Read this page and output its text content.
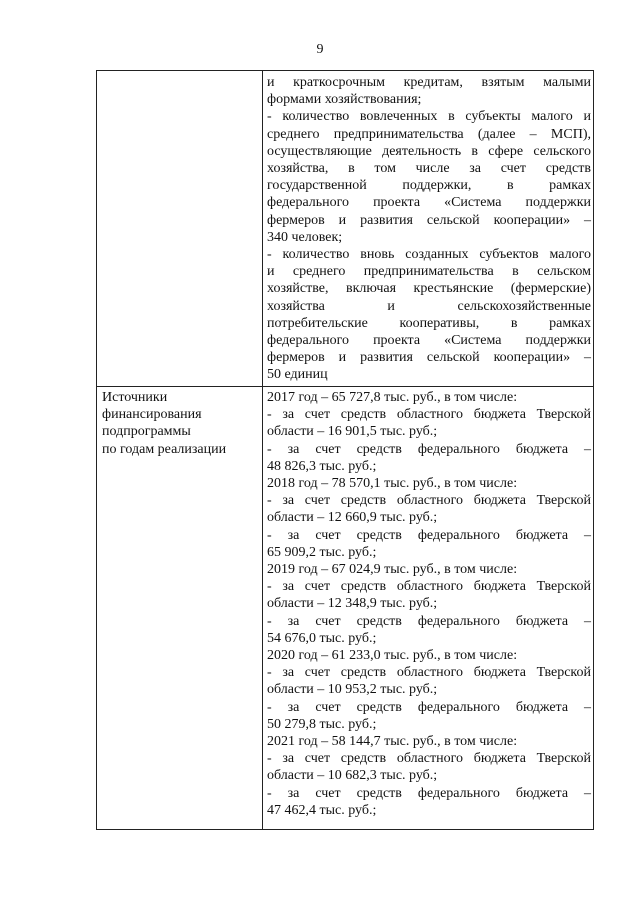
9
и краткосрочным кредитам, взятым малыми
формами хозяйствования;
- количество вовлеченных в субъекты малого и
среднего предпринимательства (далее – МСП),
осуществляющие деятельность в сфере сельского
хозяйства, в том числе за счет средств
государственной поддержки, в рамках
федерального проекта «Система поддержки
фермеров и развития сельской кооперации» –
340 человек;
- количество вновь созданных субъектов малого
и среднего предпринимательства в сельском
хозяйстве, включая крестьянские (фермерские)
хозяйства и сельскохозяйственные
потребительские кооперативы, в рамках
федерального проекта «Система поддержки
фермеров и развития сельской кооперации» –
50 единиц
Источники
финансирования
подпрограммы
по годам реализации
2017 год – 65 727,8 тыс. руб., в том числе:
- за счет средств областного бюджета Тверской
области – 16 901,5 тыс. руб.;
- за счет средств федерального бюджета –
48 826,3 тыс. руб.;
2018 год – 78 570,1 тыс. руб., в том числе:
- за счет средств областного бюджета Тверской
области – 12 660,9 тыс. руб.;
- за счет средств федерального бюджета –
65 909,2 тыс. руб.;
2019 год – 67 024,9 тыс. руб., в том числе:
- за счет средств областного бюджета Тверской
области – 12 348,9 тыс. руб.;
- за счет средств федерального бюджета –
54 676,0 тыс. руб.;
2020 год – 61 233,0 тыс. руб., в том числе:
- за счет средств областного бюджета Тверской
области – 10 953,2 тыс. руб.;
- за счет средств федерального бюджета –
50 279,8 тыс. руб.;
2021 год – 58 144,7 тыс. руб., в том числе:
- за счет средств областного бюджета Тверской
области – 10 682,3 тыс. руб.;
- за счет средств федерального бюджета –
47 462,4 тыс. руб.;
